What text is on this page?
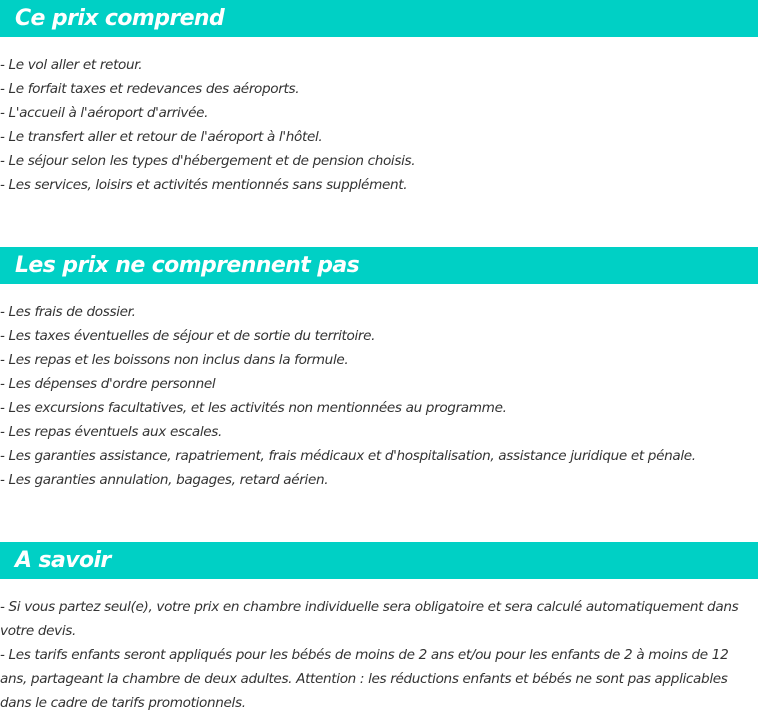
Ce prix comprend
- Le vol aller et retour.
- Le forfait taxes et redevances des aéroports.
- L'accueil à l'aéroport d'arrivée.
- Le transfert aller et retour de l'aéroport à l'hôtel.
- Le séjour selon les types d'hébergement et de pension choisis.
- Les services, loisirs et activités mentionnés sans supplément.
Les prix ne comprennent pas
- Les frais de dossier.
- Les taxes éventuelles de séjour et de sortie du territoire.
- Les repas et les boissons non inclus dans la formule.
- Les dépenses d'ordre personnel
- Les excursions facultatives, et les activités non mentionnées au programme.
- Les repas éventuels aux escales.
- Les garanties assistance, rapatriement, frais médicaux et d'hospitalisation, assistance juridique et pénale.
- Les garanties annulation, bagages, retard aérien.
A savoir
- Si vous partez seul(e), votre prix en chambre individuelle sera obligatoire et sera calculé automatiquement dans votre devis.
- Les tarifs enfants seront appliqués pour les bébés de moins de 2 ans et/ou pour les enfants de 2 à moins de 12 ans, partageant la chambre de deux adultes. Attention : les réductions enfants et bébés ne sont pas applicables dans le cadre de tarifs promotionnels.
